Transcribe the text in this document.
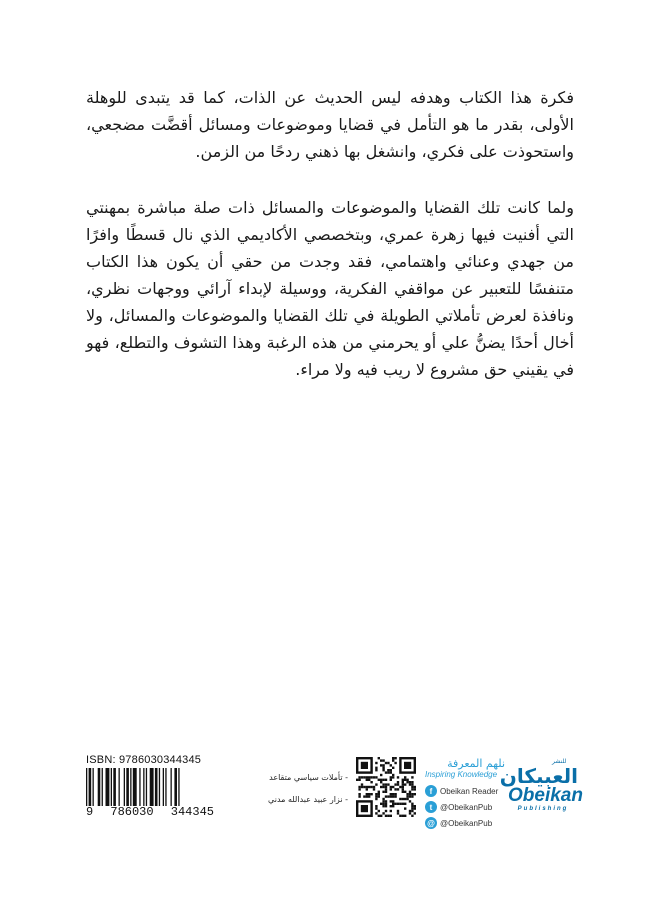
فكرة هذا الكتاب وهدفه ليس الحديث عن الذات، كما قد يتبدى للوهلة الأولى، بقدر ما هو التأمل في قضايا وموضوعات ومسائل أقضَّت مضجعي، واستحوذت على فكري، وانشغل بها ذهني ردحًا من الزمن.

ولما كانت تلك القضايا والموضوعات والمسائل ذات صلة مباشرة بمهنتي التي أفنيت فيها زهرة عمري، وبتخصصي الأكاديمي الذي نال قسطًا وافرًا من جهدي وعنائي واهتمامي، فقد وجدت من حقي أن يكون هذا الكتاب متنفسًا للتعبير عن مواقفي الفكرية، ووسيلة لإبداء آرائي ووجهات نظري، ونافذة لعرض تأملاتي الطويلة في تلك القضايا والموضوعات والمسائل، ولا أخال أحدًا يضنُّ علي أو يحرمني من هذه الرغبة وهذا التشوف والتطلع، فهو في يقيني حق مشروع لا ريب فيه ولا مراء.

ISBN: 9786030344345
9 786030 344345
- تأملات سياسي متقاعد
- نزار عبيد عبدالله مدني
نلهم المعرفة
Inspiring Knowledge
f Obeikan Reader
t @ObeikanPub
@ @ObeikanPub
للنشر
العبيكان
Obeikan
Publishing
